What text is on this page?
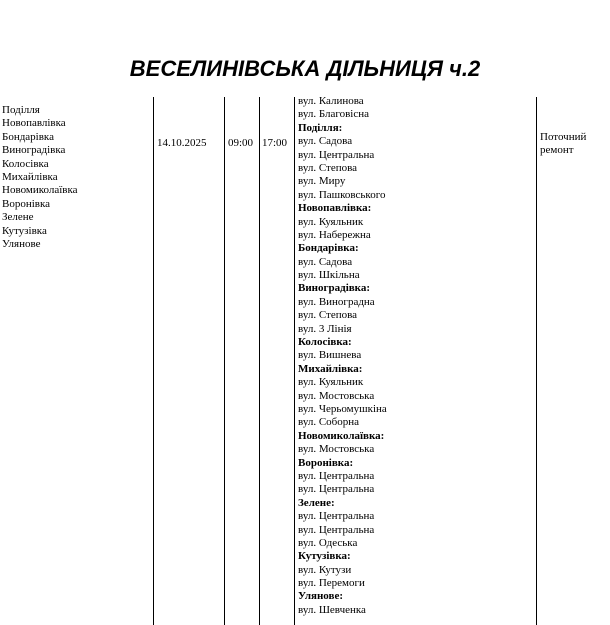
ВЕСЕЛИНІВСЬКА ДІЛЬНИЦЯ ч.2
Поділля
Новопавлівка
Бондарівка
Виноградівка
Колосівка
Михайлівка
Новомиколаївка
Воронівка
Зелене
Кутузівка
Улянове
14.10.2025 09:00 17:00
вул. Калинова
вул. Благовісна
Поділля:
вул. Садова
вул. Центральна
вул. Степова
вул. Миру
вул. Пашковського
Новопавлівка:
вул. Куяльник
вул. Набережна
Бондарівка:
вул. Садова
вул. Шкільна
Виноградівка:
вул. Виноградна
вул. Степова
вул. 3 Лінія
Колосівка:
вул. Вишнева
Михайлівка:
вул. Куяльник
вул. Мостовська
вул. Черьомушкіна
вул. Соборна
Новомиколаївка:
вул. Мостовська
Воронівка:
вул. Центральна
вул. Центральна
Зелене:
вул. Центральна
вул. Центральна
вул. Одеська
Кутузівка:
вул. Кутузи
вул. Перемоги
Улянове:
вул. Шевченка
Поточний
ремонт
